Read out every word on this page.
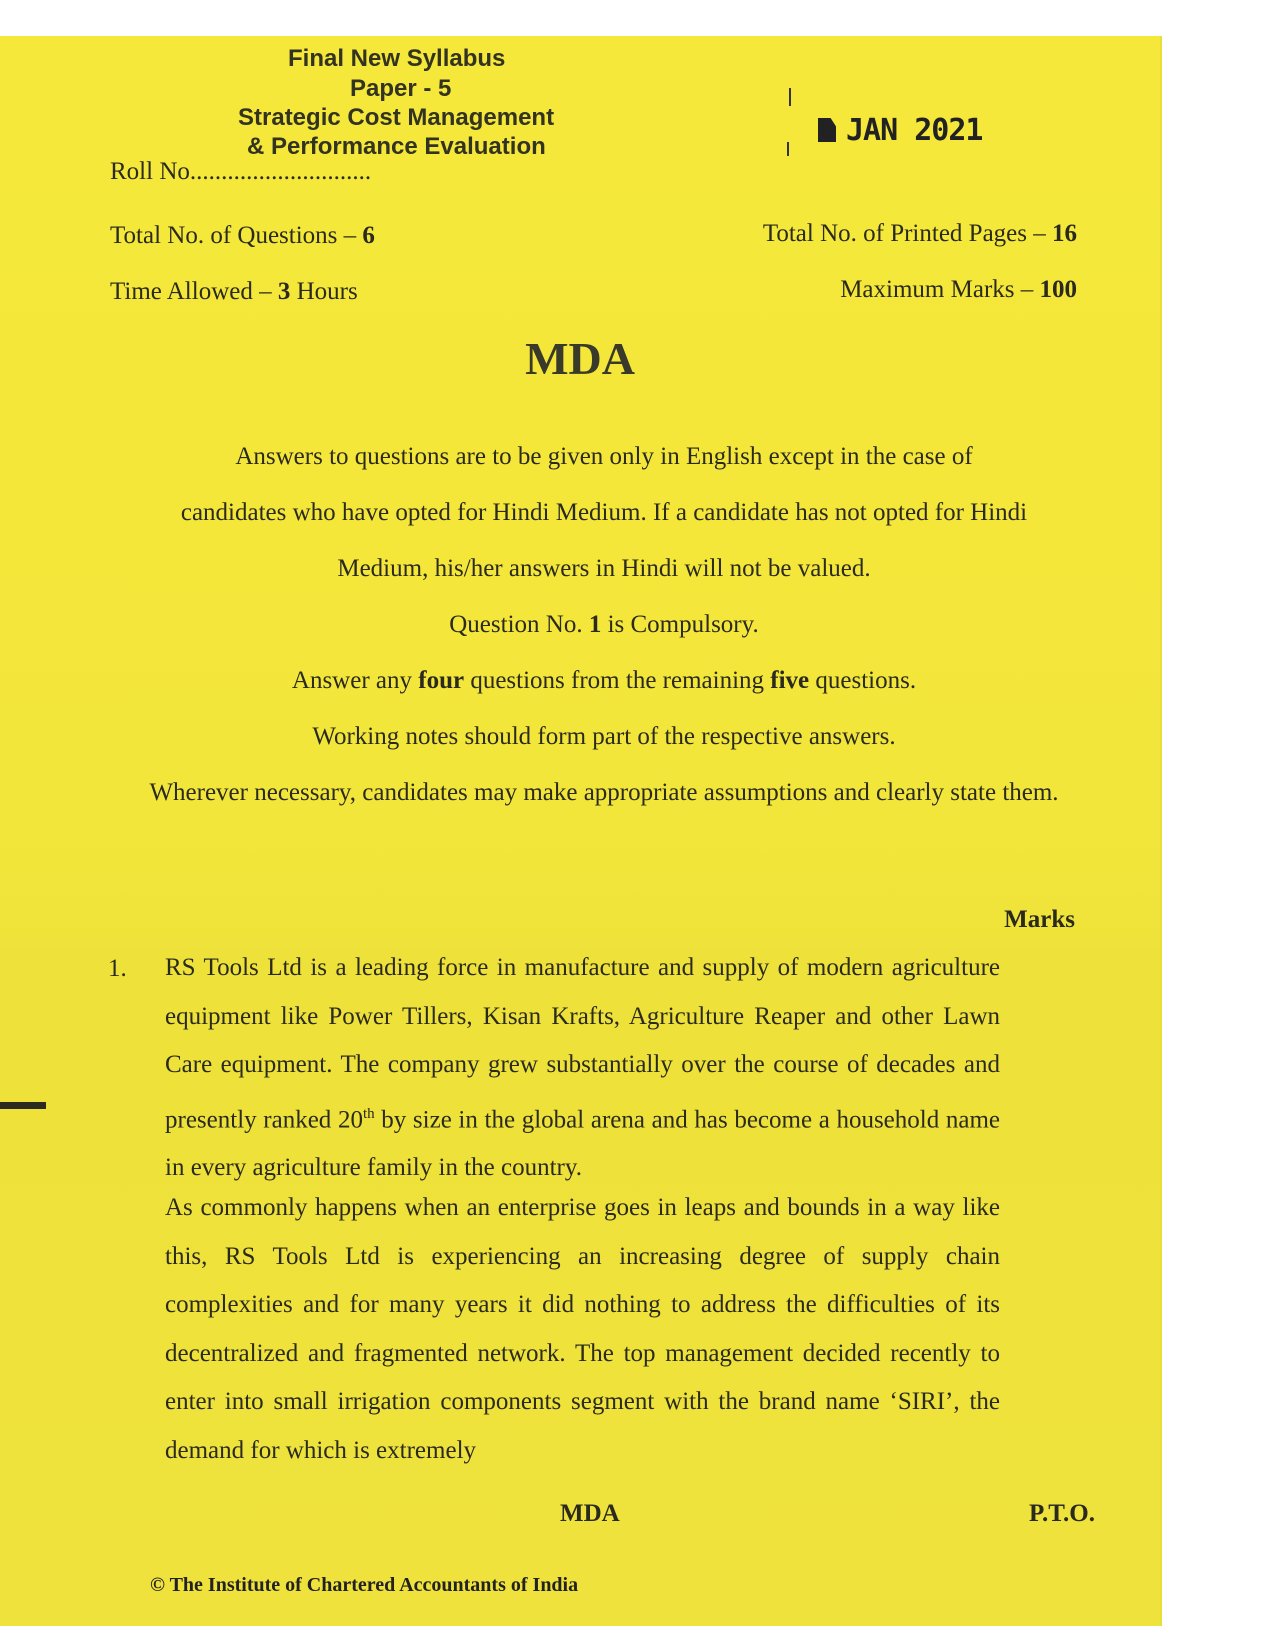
Final New Syllabus
Paper - 5
Strategic Cost Management
& Performance Evaluation
Roll No.............................
JAN 2021
Total No. of Questions – 6	Total No. of Printed Pages – 16
Time Allowed – 3 Hours	Maximum Marks – 100
MDA
Answers to questions are to be given only in English except in the case of
candidates who have opted for Hindi Medium. If a candidate has not opted for Hindi
Medium, his/her answers in Hindi will not be valued.
Question No. 1 is Compulsory.
Answer any four questions from the remaining five questions.
Working notes should form part of the respective answers.
Wherever necessary, candidates may make appropriate assumptions and clearly state them.
Marks
1. RS Tools Ltd is a leading force in manufacture and supply of modern agriculture equipment like Power Tillers, Kisan Krafts, Agriculture Reaper and other Lawn Care equipment. The company grew substantially over the course of decades and presently ranked 20th by size in the global arena and has become a household name in every agriculture family in the country.
As commonly happens when an enterprise goes in leaps and bounds in a way like this, RS Tools Ltd is experiencing an increasing degree of supply chain complexities and for many years it did nothing to address the difficulties of its decentralized and fragmented network. The top management decided recently to enter into small irrigation components segment with the brand name ‘SIRI’, the demand for which is extremely
MDA	P.T.O.
© The Institute of Chartered Accountants of India
